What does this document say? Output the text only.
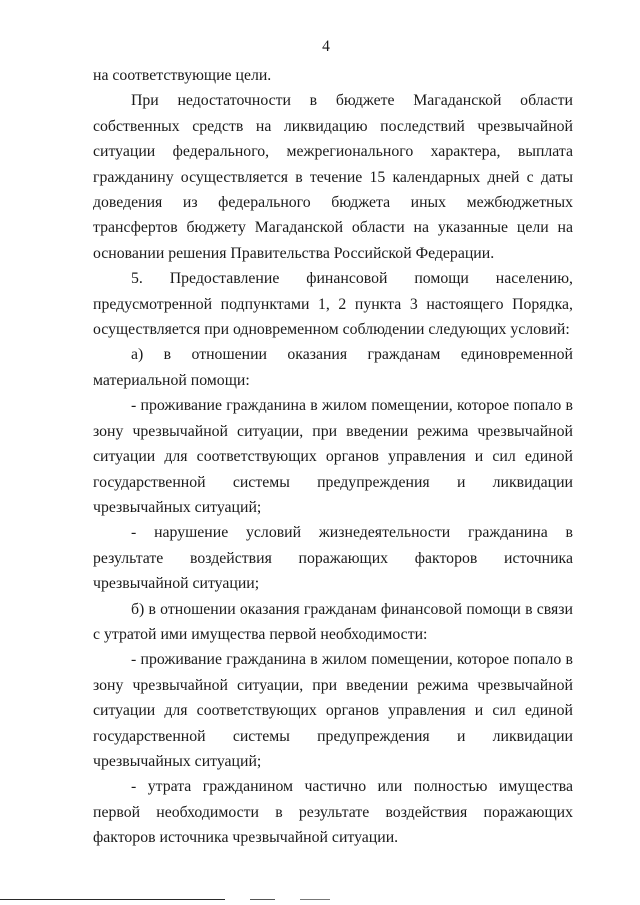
4

на соответствующие цели.

При недостаточности в бюджете Магаданской области собственных средств на ликвидацию последствий чрезвычайной ситуации федерального, межрегионального характера, выплата гражданину осуществляется в течение 15 календарных дней с даты доведения из федерального бюджета иных межбюджетных трансфертов бюджету Магаданской области на указанные цели на основании решения Правительства Российской Федерации.

5. Предоставление финансовой помощи населению, предусмотренной подпунктами 1, 2 пункта 3 настоящего Порядка, осуществляется при одновременном соблюдении следующих условий:

а) в отношении оказания гражданам единовременной материальной помощи:

- проживание гражданина в жилом помещении, которое попало в зону чрезвычайной ситуации, при введении режима чрезвычайной ситуации для соответствующих органов управления и сил единой государственной системы предупреждения и ликвидации чрезвычайных ситуаций;

- нарушение условий жизнедеятельности гражданина в результате воздействия поражающих факторов источника чрезвычайной ситуации;

б) в отношении оказания гражданам финансовой помощи в связи с утратой ими имущества первой необходимости:

- проживание гражданина в жилом помещении, которое попало в зону чрезвычайной ситуации, при введении режима чрезвычайной ситуации для соответствующих органов управления и сил единой государственной системы предупреждения и ликвидации чрезвычайных ситуаций;

- утрата гражданином частично или полностью имущества первой необходимости в результате воздействия поражающих факторов источника чрезвычайной ситуации.
